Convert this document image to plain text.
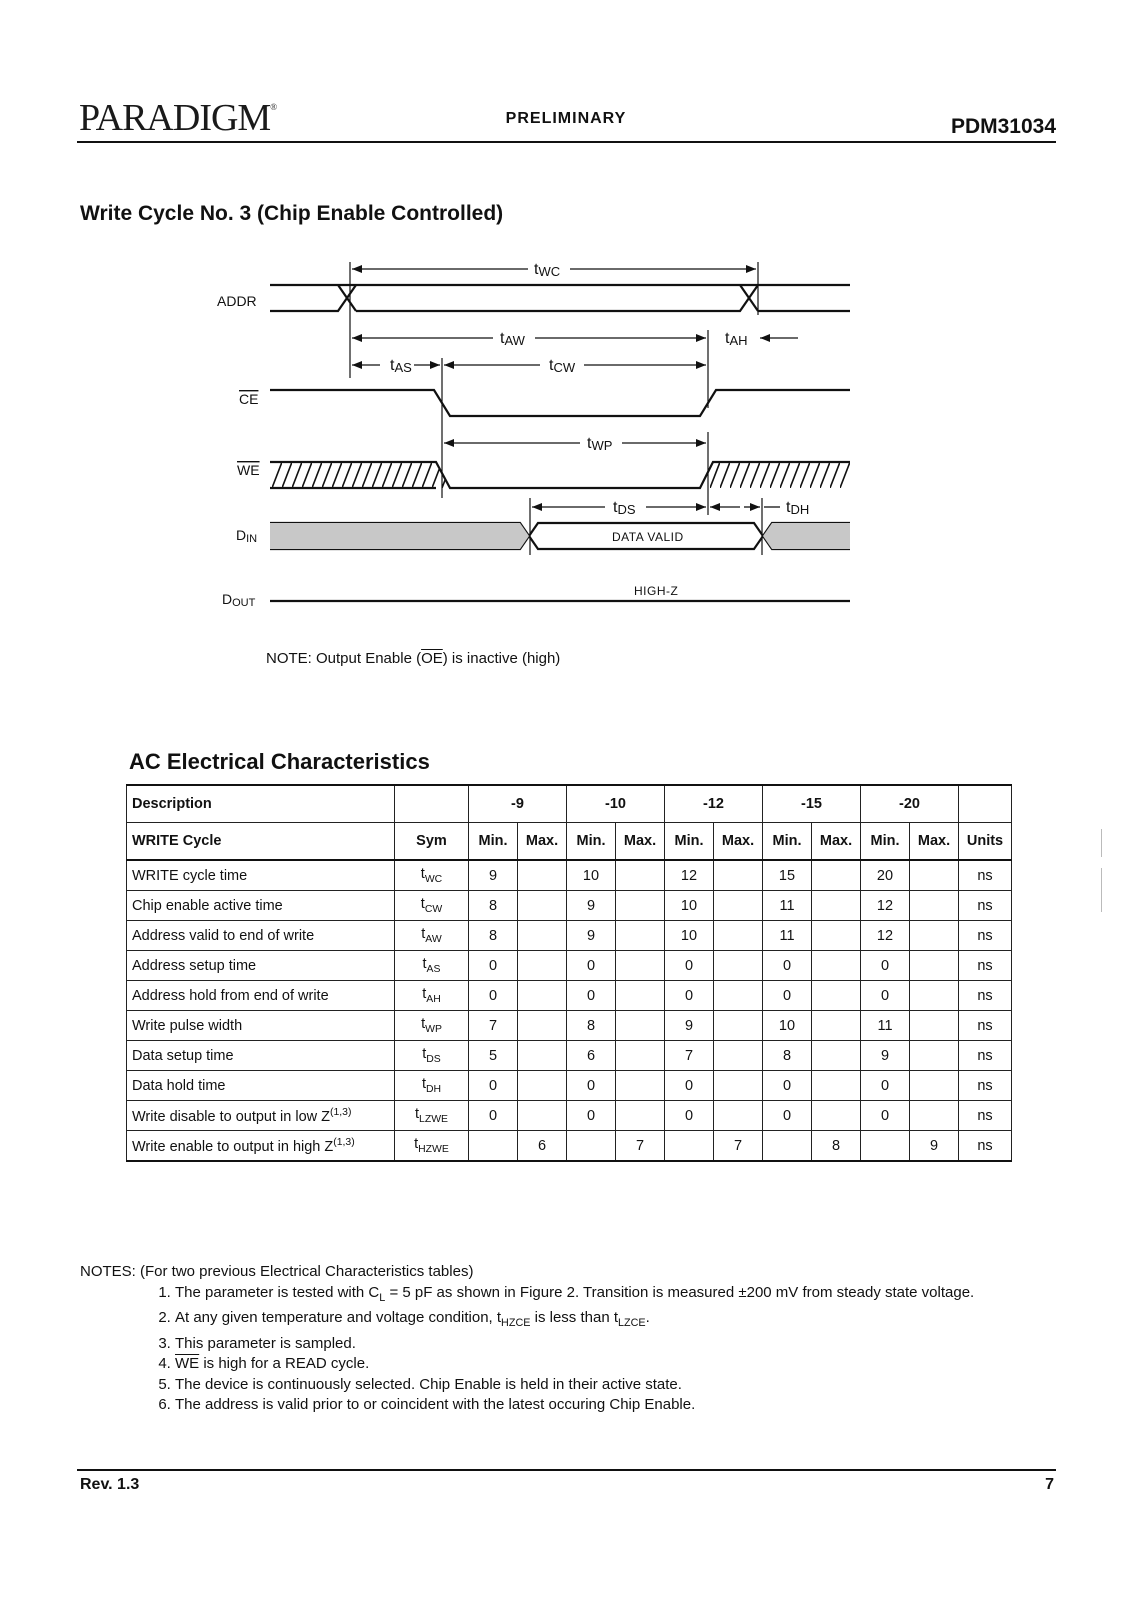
PARADIGM®
PRELIMINARY	PDM31034
Write Cycle No. 3 (Chip Enable Controlled)
ADDR
CE
WE
DIN
DOUT
DATA VALID
HIGH-Z
tWC
tAW	tAH
tAS	tCW
tWP
tDS	tDH
NOTE: Output Enable $(\overline{OE})$ is inactive (high)
AC Electrical Characteristics
Description		-9		-10		-12		-15		-20		
WRITE Cycle	Sym	Min.	Max.	Min.	Max.	Min.	Max.	Min.	Max.	Min.	Max.	Units
WRITE cycle time	$t_{WC}$	9		10		12		15		20		ns
Chip enable active time	$t_{CW}$	8		9		10		11		12		ns
Address valid to end of write	$t_{AW}$	8		9		10		11		12		ns
Address setup time	$t_{AS}$	0		0		0		0		0		ns
Address hold from end of write	$t_{AH}$	0		0		0		0		0		ns
Write pulse width	$t_{WP}$	7		8		9		10		11		ns
Data setup time	$t_{DS}$	5		6		7		8		9		ns
Data hold time	$t_{DH}$	0		0		0		0		0		ns
Write disable to output in low Z$^{(1,3)}$	$t_{LZWE}$	0		0		0		0		0		ns
Write enable to output in high Z$^{(1,3)}$	$t_{HZWE}$		6		7		7		8		9	ns
NOTES: (For two previous Electrical Characteristics tables)
1. The parameter is tested with $C_L = 5$ pF as shown in Figure 2. Transition is measured ±200 mV from steady state voltage.
2. At any given temperature and voltage condition, $t_{HZCE}$ is less than $t_{LZCE}$.
3. This parameter is sampled.
4. $\overline{WE}$ is high for a READ cycle.
5. The device is continuously selected. Chip Enable is held in their active state.
6. The address is valid prior to or coincident with the latest occuring Chip Enable.
Rev. 1.3	7
